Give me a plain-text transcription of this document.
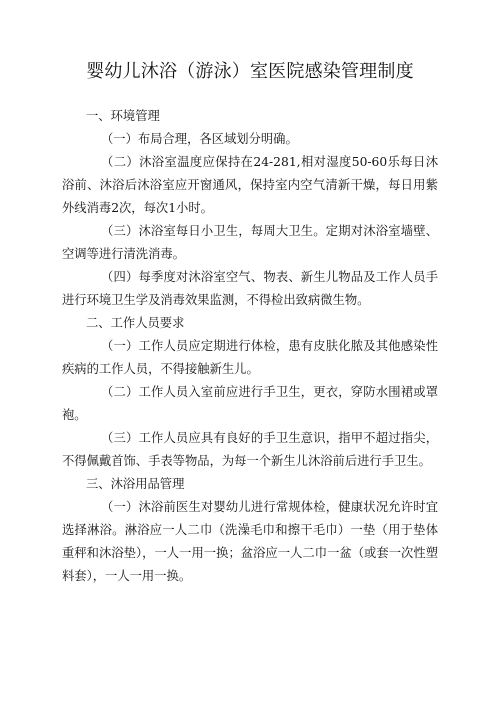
婴幼儿沐浴（游泳）室医院感染管理制度

一、环境管理

（一）布局合理，各区域划分明确。

（二）沐浴室温度应保持在24-281,相对湿度50-60乐每日沐浴前、沐浴后沐浴室应开窗通风，保持室内空气清新干燥，每日用紫外线消毒2次，每次1小时。

（三）沐浴室每日小卫生，每周大卫生。定期对沐浴室墙壁、空调等进行清洗消毒。

（四）每季度对沐浴室空气、物表、新生儿物品及工作人员手进行环境卫生学及消毒效果监测，不得检出致病微生物。

二、工作人员要求

（一）工作人员应定期进行体检，患有皮肤化脓及其他感染性疾病的工作人员，不得接触新生儿。

（二）工作人员入室前应进行手卫生，更衣，穿防水围裙或罩袍。

（三）工作人员应具有良好的手卫生意识，指甲不超过指尖，不得佩戴首饰、手表等物品，为每一个新生儿沐浴前后进行手卫生。

三、沐浴用品管理

（一）沐浴前医生对婴幼儿进行常规体检，健康状况允许时宜选择淋浴。淋浴应一人二巾（洗澡毛巾和擦干毛巾）一垫（用于垫体重秤和沐浴垫），一人一用一换；盆浴应一人二巾一盆（或套一次性塑料套），一人一用一换。
